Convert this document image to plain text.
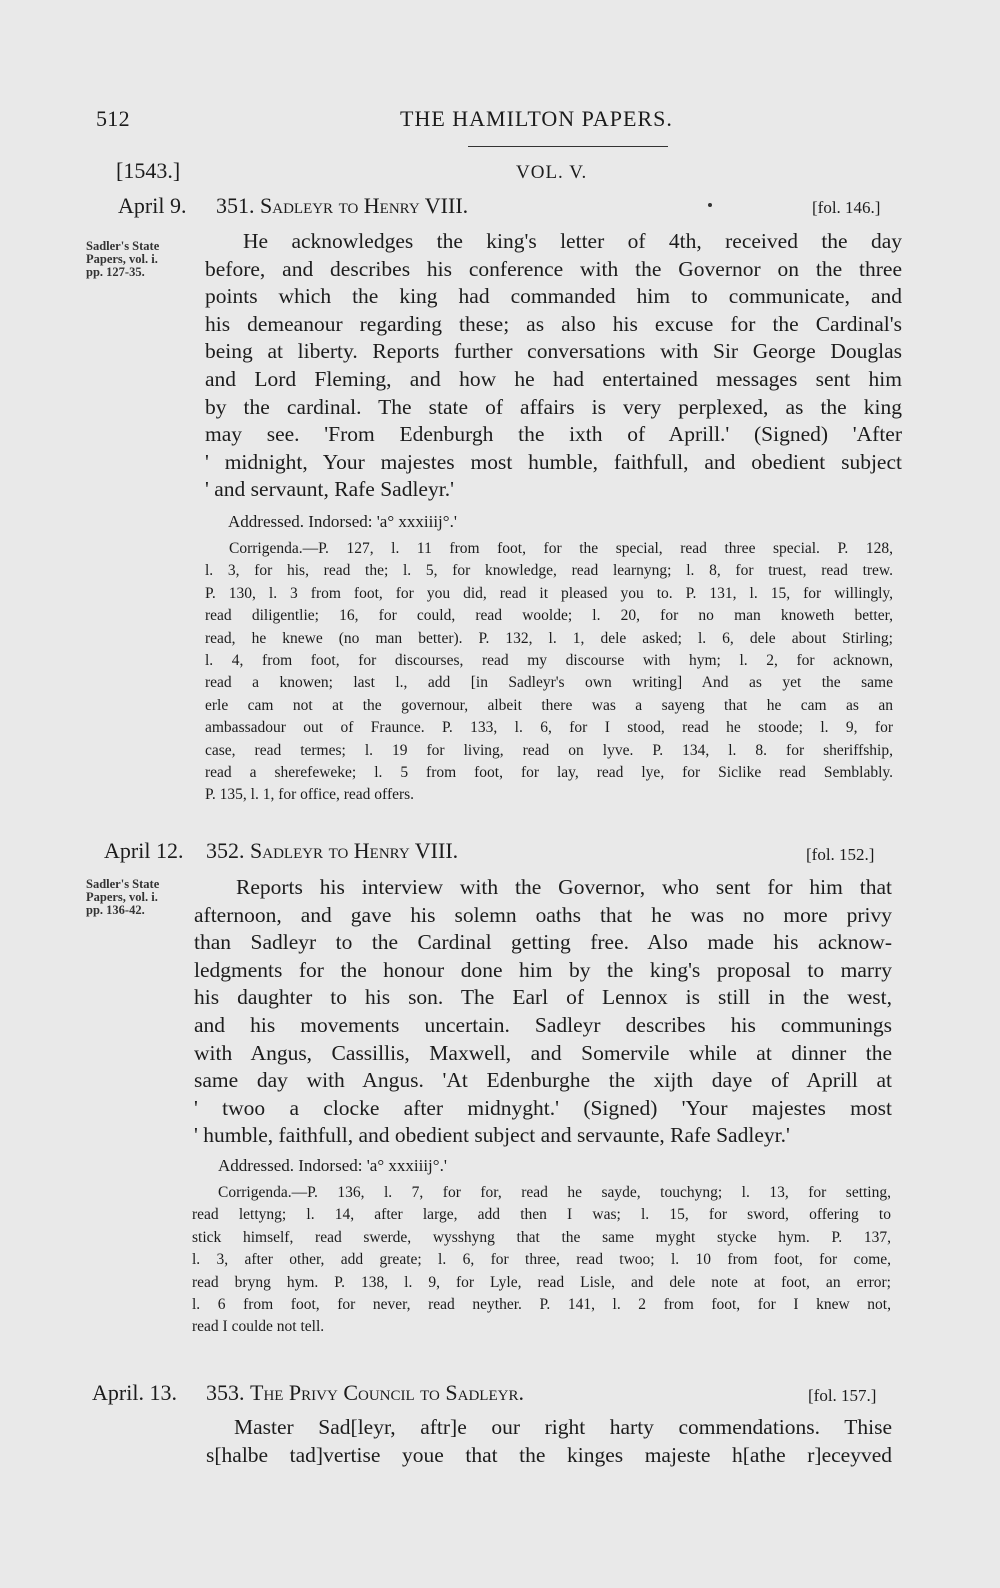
512	THE HAMILTON PAPERS.
[1543.]	VOL. V.
April 9. 351. Sadleyr to Henry VIII.	[fol. 146.]
Sadler's State
Papers, vol. i.
pp. 127-35.
He acknowledges the king's letter of 4th, received the day
before, and describes his conference with the Governor on the three
points which the king had commanded him to communicate, and
his demeanour regarding these; as also his excuse for the Cardinal's
being at liberty. Reports further conversations with Sir George Douglas
and Lord Fleming, and how he had entertained messages sent him
by the cardinal. The state of affairs is very perplexed, as the king
may see. 'From Edenburgh the ixth of Aprill.' (Signed) 'After
' midnight, Your majestes most humble, faithfull, and obedient subject
' and servaunt, Rafe Sadleyr.'
Addressed. Indorsed: 'a° xxxiiij°.'
Corrigenda.—P. 127, l. 11 from foot, for the special, read three special. P. 128,
l. 3, for his, read the; l. 5, for knowledge, read learnyng; l. 8, for truest, read trew.
P. 130, l. 3 from foot, for you did, read it pleased you to. P. 131, l. 15, for willingly,
read diligentlie; 16, for could, read woolde; l. 20, for no man knoweth better,
read, he knewe (no man better). P. 132, l. 1, dele asked; l. 6, dele about Stirling;
l. 4, from foot, for discourses, read my discourse with hym; l. 2, for acknown,
read a knowen; last l., add [in Sadleyr's own writing] And as yet the same
erle cam not at the governour, albeit there was a sayeng that he cam as an
ambassadour out of Fraunce. P. 133, l. 6, for I stood, read he stoode; l. 9, for
case, read termes; l. 19 for living, read on lyve. P. 134, l. 8. for sheriffship,
read a sherefeweke; l. 5 from foot, for lay, read lye, for Siclike read Semblably.
P. 135, l. 1, for office, read offers.
April 12. 352. Sadleyr to Henry VIII.	[fol. 152.]
Sadler's State
Papers, vol. i.
pp. 136-42.
Reports his interview with the Governor, who sent for him that
afternoon, and gave his solemn oaths that he was no more privy
than Sadleyr to the Cardinal getting free. Also made his acknow-
ledgments for the honour done him by the king's proposal to marry
his daughter to his son. The Earl of Lennox is still in the west,
and his movements uncertain. Sadleyr describes his communings
with Angus, Cassillis, Maxwell, and Somervile while at dinner the
same day with Angus. 'At Edenburghe the xijth daye of Aprill at
' twoo a clocke after midnyght.' (Signed) 'Your majestes most
' humble, faithfull, and obedient subject and servaunte, Rafe Sadleyr.'
Addressed. Indorsed: 'a° xxxiiij°.'
Corrigenda.—P. 136, l. 7, for for, read he sayde, touchyng; l. 13, for setting,
read lettyng; l. 14, after large, add then I was; l. 15, for sword, offering to
stick himself, read swerde, wysshyng that the same myght stycke hym. P. 137,
l. 3, after other, add greate; l. 6, for three, read twoo; l. 10 from foot, for come,
read bryng hym. P. 138, l. 9, for Lyle, read Lisle, and dele note at foot, an error;
l. 6 from foot, for never, read neyther. P. 141, l. 2 from foot, for I knew not,
read I coulde not tell.
April. 13. 353. The Privy Council to Sadleyr.	[fol. 157.]
Master Sad[leyr, aftr]e our right harty commendations. Thise
s[halbe tad]vertise youe that the kinges majeste h[athe r]eceyved
